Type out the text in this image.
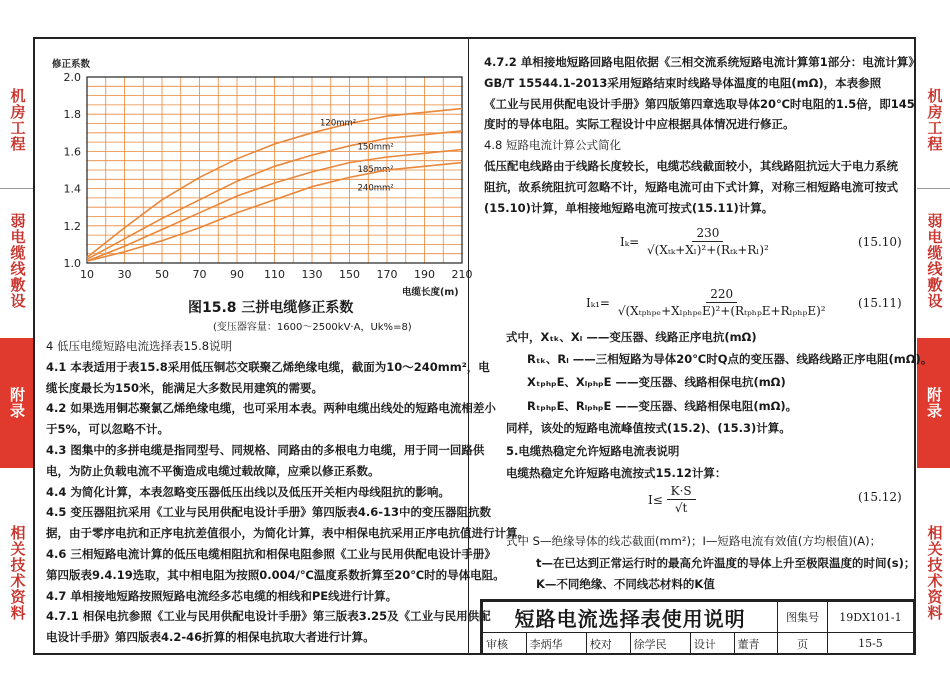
机房工程
弱电缆线敷设
附录
相关技术资料
机房工程
弱电缆线敷设
附录
相关技术资料
10 30 50 70 90 110 130 150 170 190 210
1.0
1.2
1.4
1.6
1.8
2.0
修正系数
电缆长度(m)
120mm²
150mm²
185mm²
240mm²
图15.8 三拼电缆修正系数
(变压器容量：1600～2500kV·A，Uk%=8)
4 低压电缆短路电流选择表15.8说明
4.1 本表适用于表15.8采用低压铜芯交联聚乙烯绝缘电缆，截面为10～240mm²，电
缆长度最长为150米，能满足大多数民用建筑的需要。
4.2 如果选用铜芯聚氯乙烯绝缘电缆，也可采用本表。两种电缆出线处的短路电流相差小
于5%，可以忽略不计。
4.3 图集中的多拼电缆是指同型号、同规格、同路由的多根电力电缆，用于同一回路供
电，为防止负载电流不平衡造成电缆过载故障，应乘以修正系数。
4.4 为简化计算，本表忽略变压器低压出线以及低压开关柜内母线阻抗的影响。
4.5 变压器阻抗采用《工业与民用供配电设计手册》第四版表4.6-13中的变压器阻抗数
据，由于零序电抗和正序电抗差值很小，为简化计算，表中相保电抗采用正序电抗值进行计算。
4.6 三相短路电流计算的低压电缆相阻抗和相保电阻参照《工业与民用供配电设计手册》
第四版表9.4.19选取，其中相电阻为按照0.004/℃温度系数折算至20℃时的导体电阻。
4.7 单相接地短路按照短路电流经多芯电缆的相线和PE线进行计算。
4.7.1 相保电抗参照《工业与民用供配电设计手册》第三版表3.25及《工业与民用供配
电设计手册》第四版表4.2-46折算的相保电抗取大者进行计算。
4.7.2 单相接地短路回路电阻依据《三相交流系统短路电流计算第1部分：电流计算》
GB/T 15544.1-2013采用短路结束时线路导体温度的电阻(mΩ)，本表参照
《工业与民用供配电设计手册》第四版第四章选取导体20℃时电阻的1.5倍，即145
度时的导体电阻。实际工程设计中应根据具体情况进行修正。
4.8 短路电流计算公式简化
低压配电线路由于线路长度较长，电缆芯线截面较小，其线路阻抗远大于电力系统
阻抗，故系统阻抗可忽略不计，短路电流可由下式计算，对称三相短路电流可按式
(15.10)计算，单相接地短路电流可按式(15.11)计算。
式中，Xₜₖ、Xₗ ——变压器、线路正序电抗(mΩ)
Rₜₖ、Rₗ ——三相短路为导体20℃时Q点的变压器、线路线路正序电阻(mΩ)。
XₜₚₕₚE、XₗₚₕₚE ——变压器、线路相保电抗(mΩ)
RₜₚₕₚE、RₗₚₕₚE ——变压器、线路相保电阻(mΩ)。
同样，该处的短路电流峰值按式(15.2)、(15.3)计算。
5.电缆热稳定允许短路电流表说明
电缆热稳定允许短路电流按式15.12计算：
式中 S—绝缘导体的线芯截面(mm²)；I—短路电流有效值(方均根值)(A)；
t—在已达到正常运行时的最高允许温度的导体上升至极限温度的时间(s)；
K—不同绝缘、不同线芯材料的K值
$I_k= \frac{230}{\text{√(Xₜₖ+Xₗ)²+(Rₜₖ+Rₗ)²}}$	(15.10)
$I_{k1}= \frac{220}{\text{√(Xₜₚₕₚₑ+XₗₚₕₚₑE)²+(RₜₚₕₚE+RₗₚₕₚE)²}} (15.11)$
$I\le \frac{K\cdot S}{√t}$	(15.12)
短路电流选择表使用说明						图集号	19DX101-1
审核	李炳华	校对	徐学民	设计	董青	页	15-5
